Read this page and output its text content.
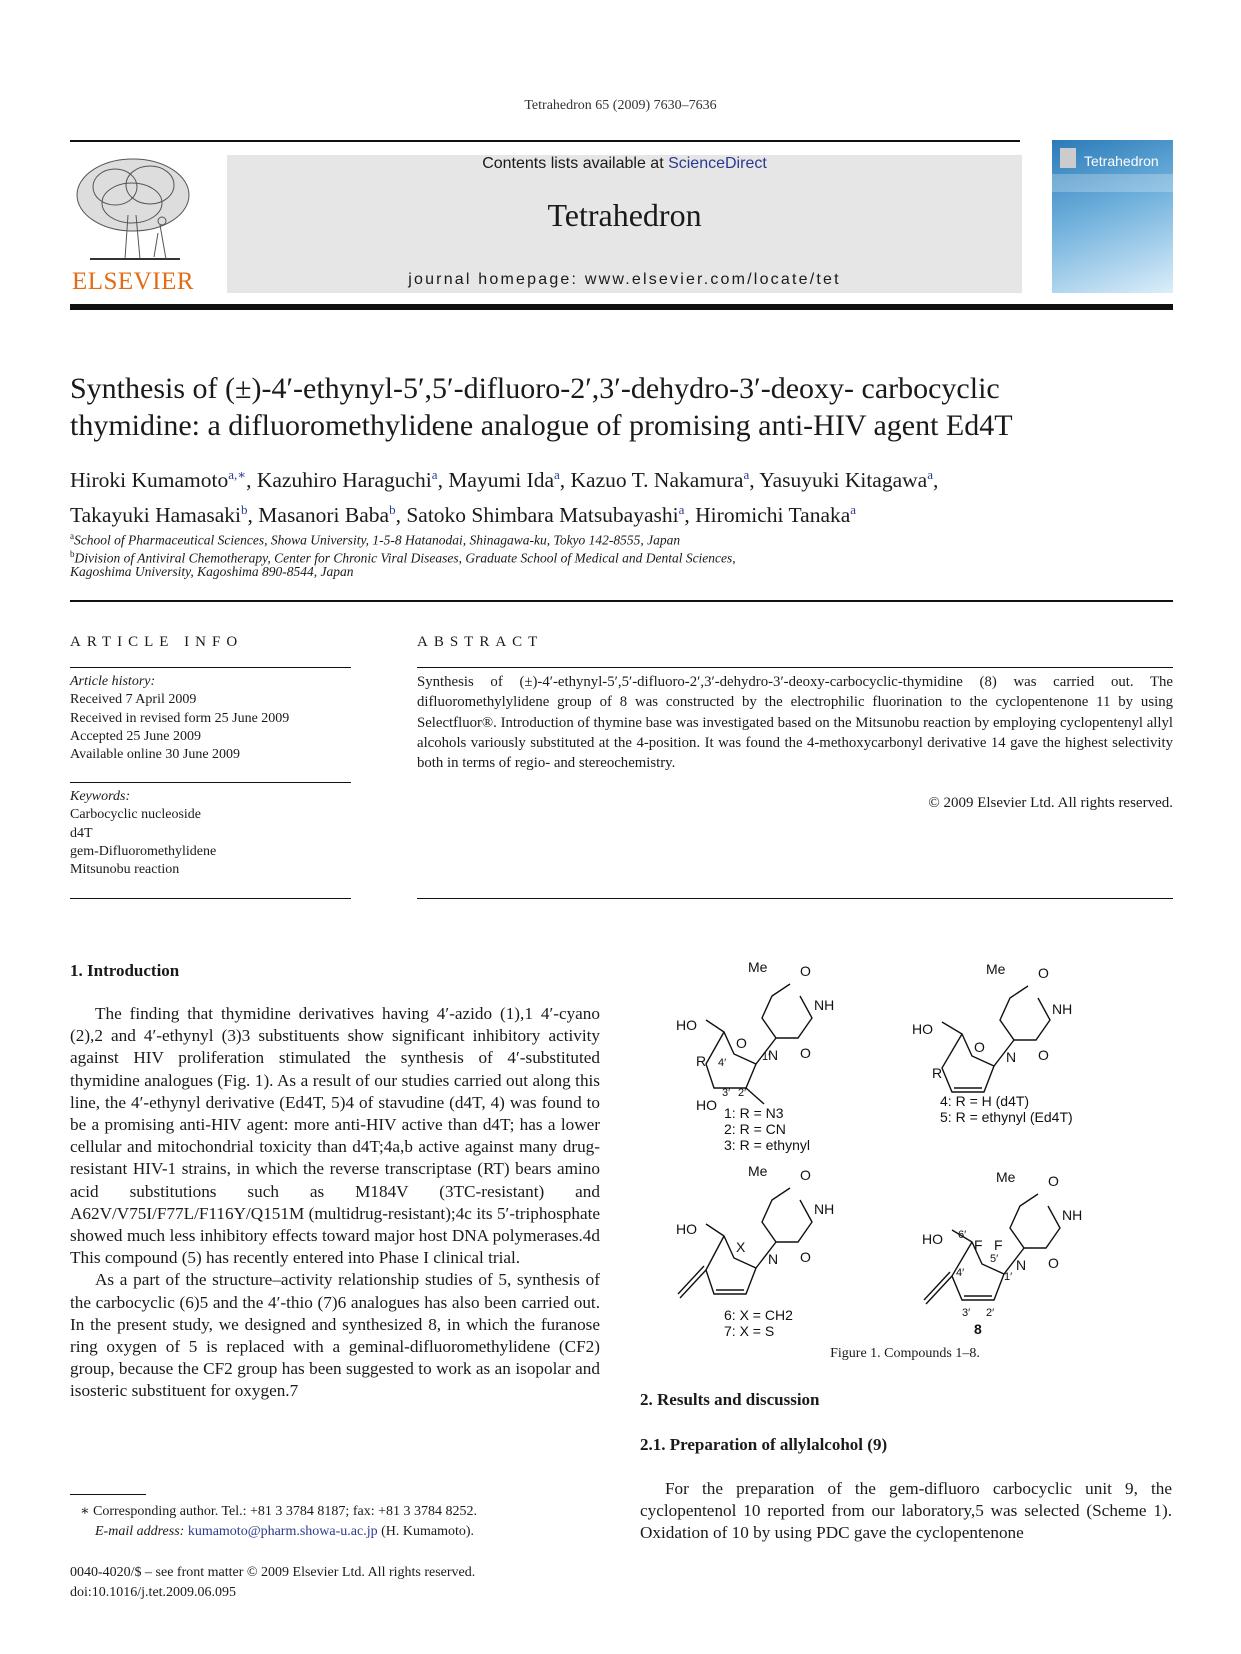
Tetrahedron 65 (2009) 7630–7636
ELSEVIER
Contents lists available at ScienceDirect
Tetrahedron
journal homepage: www.elsevier.com/locate/tet
Tetrahedron
Synthesis of (±)-4′-ethynyl-5′,5′-difluoro-2′,3′-dehydro-3′-deoxy- carbocyclic
thymidine: a difluoromethylidene analogue of promising anti-HIV agent Ed4T
Hiroki Kumamoto$^{a,∗}$, Kazuhiro Haraguchi$^a$, Mayumi Ida$^a$, Kazuo T. Nakamura$^a$, Yasuyuki Kitagawa$^a$,
Takayuki Hamasaki$^b$, Masanori Baba$^b$, Satoko Shimbara Matsubayashi$^a$, Hiromichi Tanaka$^a$
$^a$School of Pharmaceutical Sciences, Showa University, 1-5-8 Hatanodai, Shinagawa-ku, Tokyo 142-8555, Japan
$^b$Division of Antiviral Chemotherapy, Center for Chronic Viral Diseases, Graduate School of Medical and Dental Sciences,
Kagoshima University, Kagoshima 890-8544, Japan
ARTICLE INFO
Article history:
Received 7 April 2009
Received in revised form 25 June 2009
Accepted 25 June 2009
Available online 30 June 2009
Keywords:
Carbocyclic nucleoside
d4T
gem-Difluoromethylidene
Mitsunobu reaction
ABSTRACT
Synthesis of (±)-4′-ethynyl-5′,5′-difluoro-2′,3′-dehydro-3′-deoxy-carbocyclic-thymidine (8) was carried out. The difluoromethylylidene group of 8 was constructed by the electrophilic fluorination to the cyclopentenone 11 by using Selectfluor®. Introduction of thymine base was investigated based on the Mitsunobu reaction by employing cyclopentenyl allyl alcohols variously substituted at the 4-position. It was found the 4-methoxycarbonyl derivative 14 gave the highest selectivity both in terms of regio- and stereochemistry.
© 2009 Elsevier Ltd. All rights reserved.
1. Introduction

The finding that thymidine derivatives having 4′-azido (1),1 4′-cyano (2),2 and 4′-ethynyl (3)3 substituents show significant inhibitory activity against HIV proliferation stimulated the synthesis of 4′-substituted thymidine analogues (Fig. 1). As a result of our studies carried out along this line, the 4′-ethynyl derivative (Ed4T, 5)4 of stavudine (d4T, 4) was found to be a promising anti-HIV agent: more anti-HIV active than d4T; has a lower cellular and mitochondrial toxicity than d4T;4a,b active against many drug-resistant HIV-1 strains, in which the reverse transcriptase (RT) bears amino acid substitutions such as M184V (3TC-resistant) and A62V/V75I/F77L/F116Y/Q151M (multidrug-resistant);4c its 5′-triphosphate showed much less inhibitory effects toward major host DNA polymerases.4d This compound (5) has recently entered into Phase I clinical trial.

As a part of the structure–activity relationship studies of 5, synthesis of the carbocyclic (6)5 and the 4′-thio (7)6 analogues has also been carried out. In the present study, we designed and synthesized 8, in which the furanose ring oxygen of 5 is replaced with a geminal-difluoromethylidene (CF2) group, because the CF2 group has been suggested to work as an isopolar and isosteric substituent for oxygen.7

Me O
NH
O
N
HO
O
R	1′
4′
3′ 2′
HO 1: R = N3
2: R = CN
3: R = ethynyl
Me O
NH
O
N
HO
O
R
4: R = H (d4T)
5: R = ethynyl (Ed4T)
Me O
NH
O
N
HO
X
6: X = CH2
7: X = S
Me O
NH
O
N
HO F F
6′
5′
4′	1′
3′ 2′
8
Figure 1. Compounds 1–8.
2. Results and discussion
2.1. Preparation of allylalcohol (9)

For the preparation of the gem-difluoro carbocyclic unit 9, the cyclopentenol 10 reported from our laboratory,5 was selected (Scheme 1). Oxidation of 10 by using PDC gave the cyclopentenone

∗ Corresponding author. Tel.: +81 3 3784 8187; fax: +81 3 3784 8252.
E-mail address: kumamoto@pharm.showa-u.ac.jp (H. Kumamoto).
0040-4020/$ – see front matter © 2009 Elsevier Ltd. All rights reserved.
doi:10.1016/j.tet.2009.06.095
